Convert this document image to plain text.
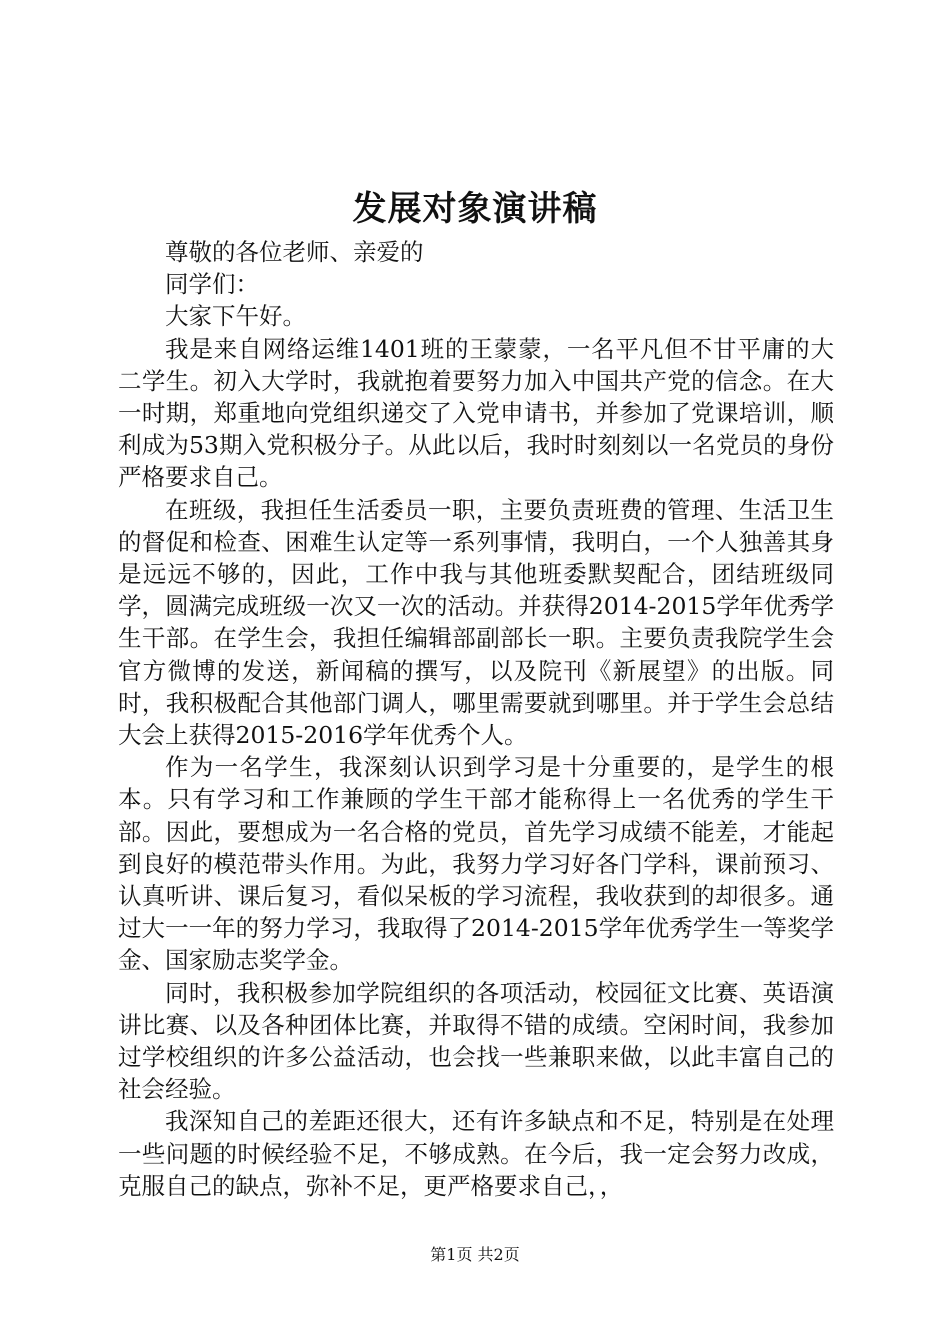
发展对象演讲稿

尊敬的各位老师、亲爱的

同学们：

大家下午好。

我是来自网络运维1401班的王蒙蒙，一名平凡但不甘平庸的大二学生。初入大学时，我就抱着要努力加入中国共产党的信念。在大一时期，郑重地向党组织递交了入党申请书，并参加了党课培训，顺利成为53期入党积极分子。从此以后，我时时刻刻以一名党员的身份严格要求自己。

在班级，我担任生活委员一职，主要负责班费的管理、生活卫生的督促和检查、困难生认定等一系列事情，我明白，一个人独善其身是远远不够的，因此，工作中我与其他班委默契配合，团结班级同学，圆满完成班级一次又一次的活动。并获得2014-2015学年优秀学生干部。在学生会，我担任编辑部副部长一职。主要负责我院学生会官方微博的发送，新闻稿的撰写，以及院刊《新展望》的出版。同时，我积极配合其他部门调人，哪里需要就到哪里。并于学生会总结大会上获得2015-2016学年优秀个人。

作为一名学生，我深刻认识到学习是十分重要的，是学生的根本。只有学习和工作兼顾的学生干部才能称得上一名优秀的学生干部。因此，要想成为一名合格的党员，首先学习成绩不能差，才能起到良好的模范带头作用。为此，我努力学习好各门学科，课前预习、认真听讲、课后复习，看似呆板的学习流程，我收获到的却很多。通过大一一年的努力学习，我取得了2014-2015学年优秀学生一等奖学金、国家励志奖学金。

同时，我积极参加学院组织的各项活动，校园征文比赛、英语演讲比赛、以及各种团体比赛，并取得不错的成绩。空闲时间，我参加过学校组织的许多公益活动，也会找一些兼职来做，以此丰富自己的社会经验。

我深知自己的差距还很大，还有许多缺点和不足，特别是在处理一些问题的时候经验不足，不够成熟。在今后，我一定会努力改成，克服自己的缺点，弥补不足，更严格要求自己，，

第1页 共2页
